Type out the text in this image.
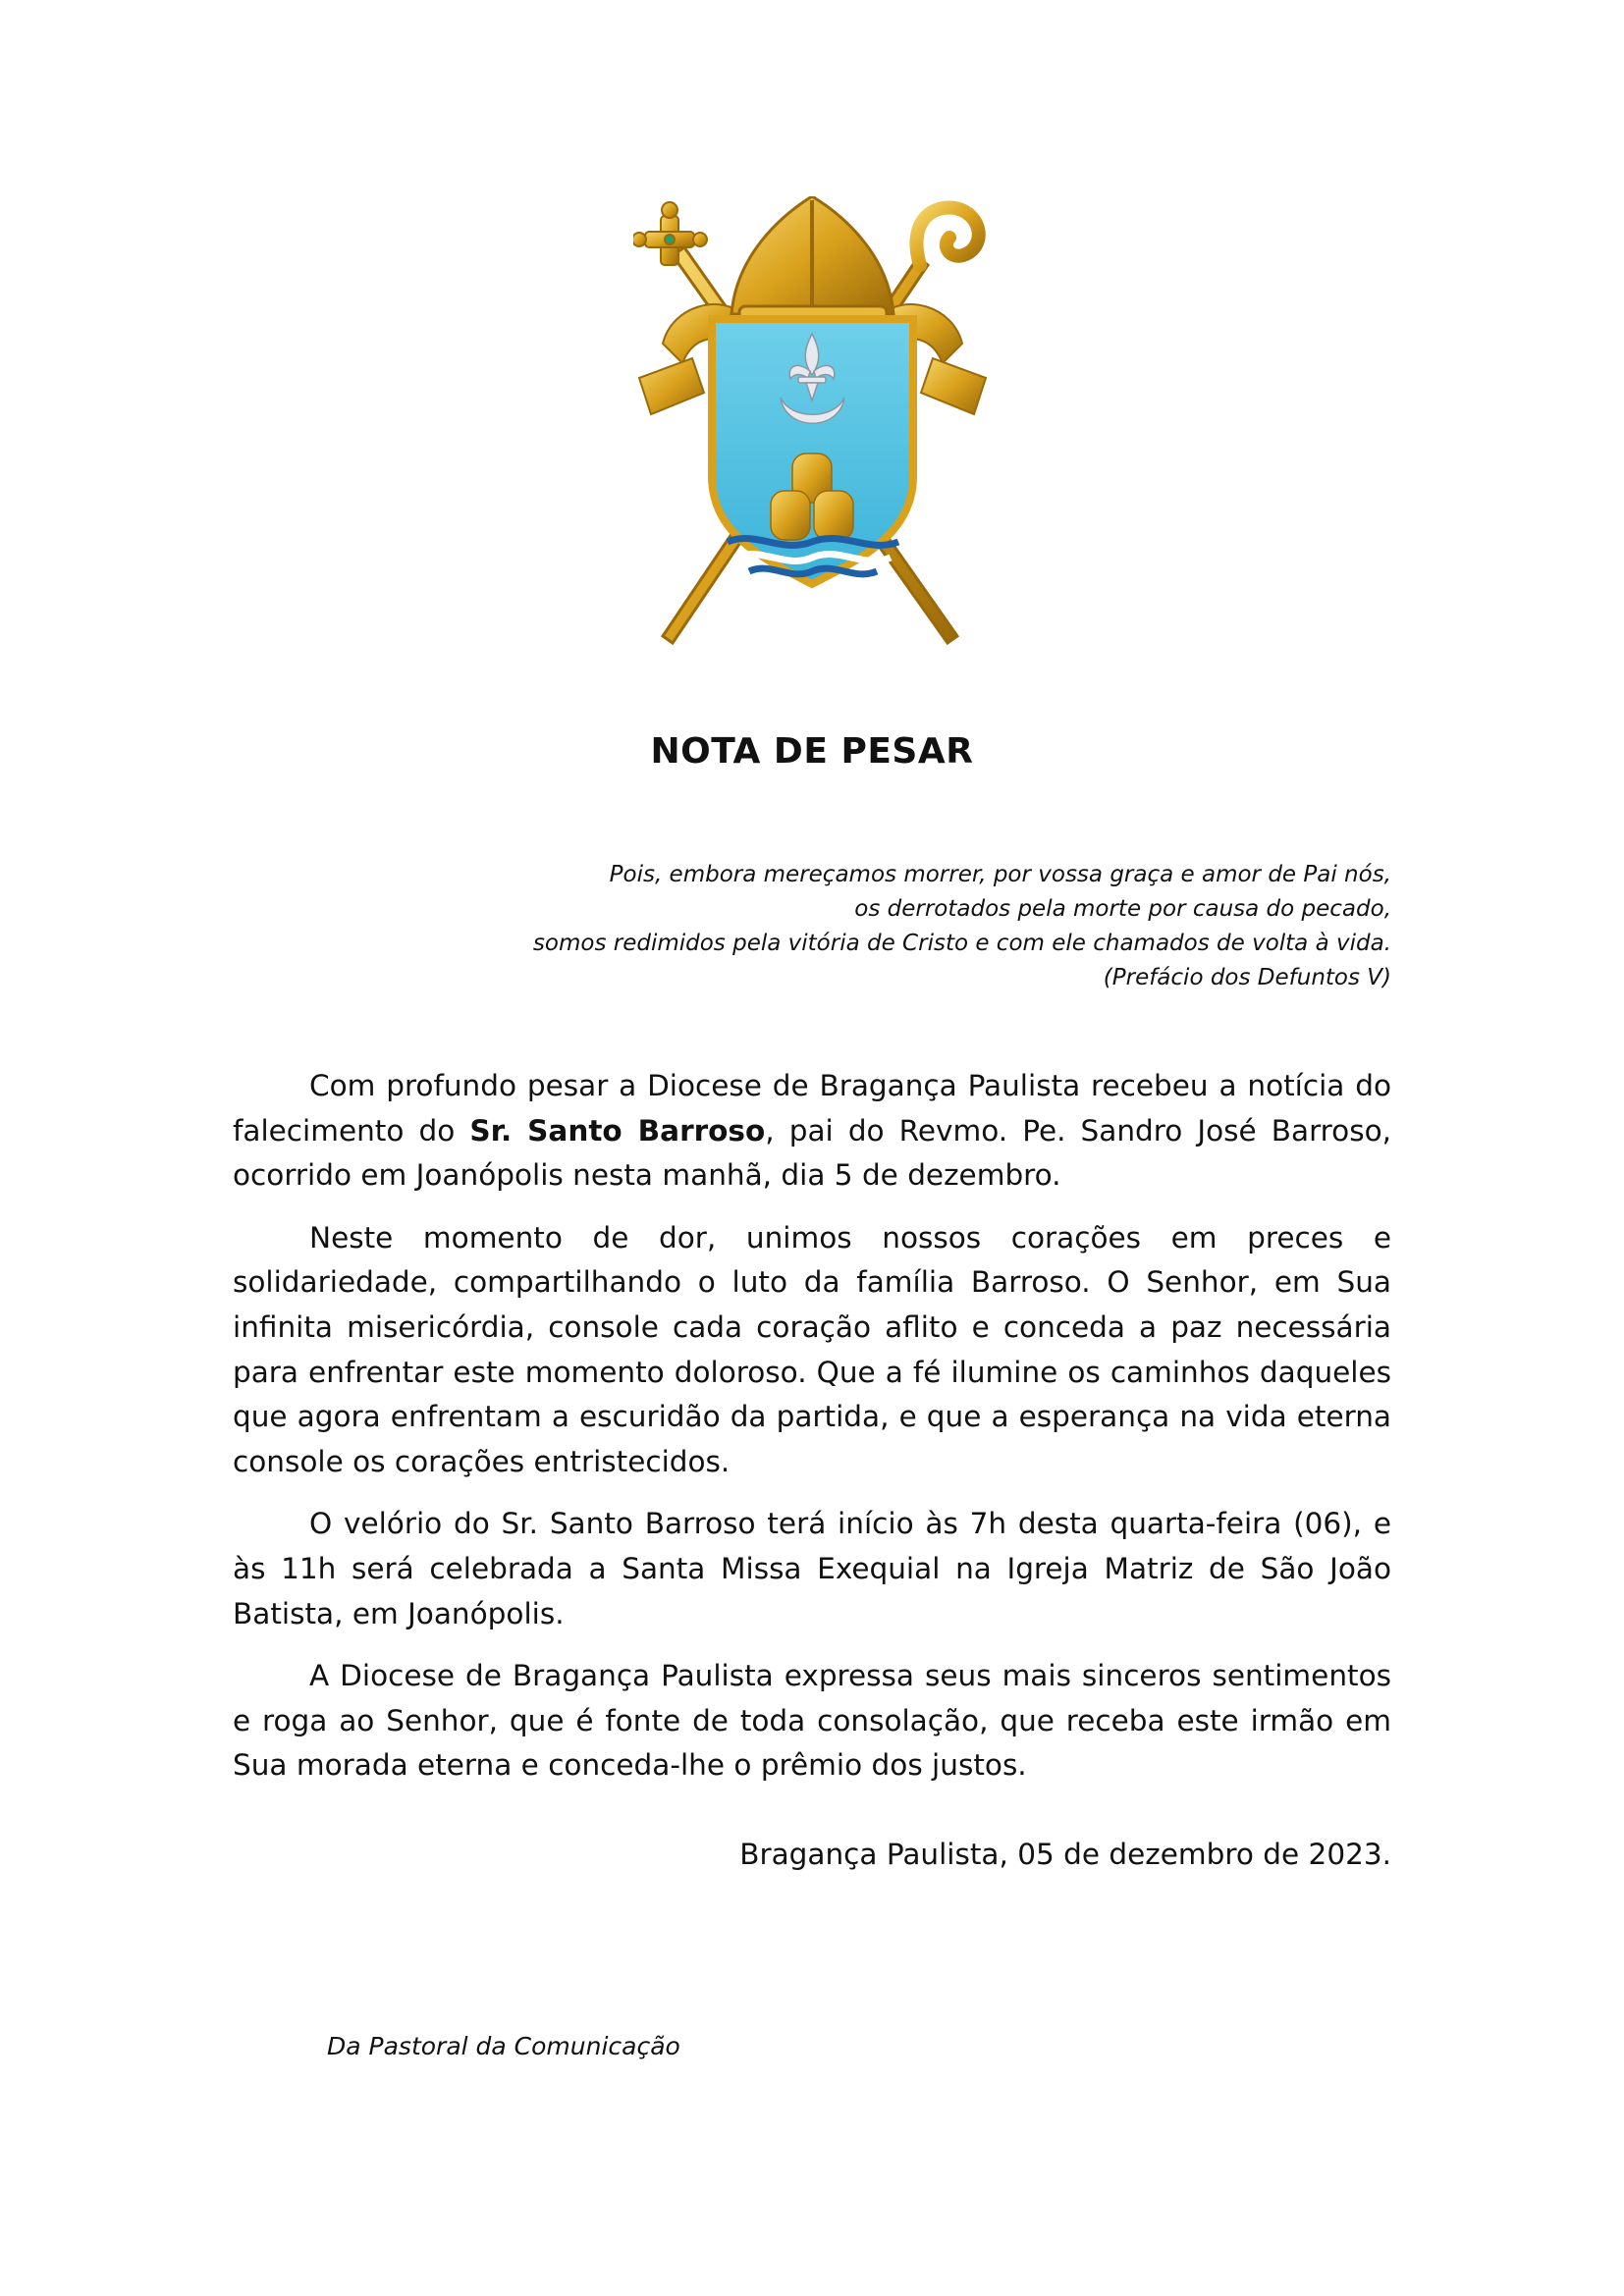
NOTA DE PESAR
Pois, embora mereçamos morrer, por vossa graça e amor de Pai nós,
os derrotados pela morte por causa do pecado,
somos redimidos pela vitória de Cristo e com ele chamados de volta à vida.
(Prefácio dos Defuntos V)

Com profundo pesar a Diocese de Bragança Paulista recebeu a notícia do falecimento do Sr. Santo Barroso, pai do Revmo. Pe. Sandro José Barroso, ocorrido em Joanópolis nesta manhã, dia 5 de dezembro.

Neste momento de dor, unimos nossos corações em preces e solidariedade, compartilhando o luto da família Barroso. O Senhor, em Sua infinita misericórdia, console cada coração aflito e conceda a paz necessária para enfrentar este momento doloroso. Que a fé ilumine os caminhos daqueles que agora enfrentam a escuridão da partida, e que a esperança na vida eterna console os corações entristecidos.

O velório do Sr. Santo Barroso terá início às 7h desta quarta-feira (06), e às 11h será celebrada a Santa Missa Exequial na Igreja Matriz de São João Batista, em Joanópolis.

A Diocese de Bragança Paulista expressa seus mais sinceros sentimentos e roga ao Senhor, que é fonte de toda consolação, que receba este irmão em Sua morada eterna e conceda-lhe o prêmio dos justos.

Bragança Paulista, 05 de dezembro de 2023.
Da Pastoral da Comunicação
